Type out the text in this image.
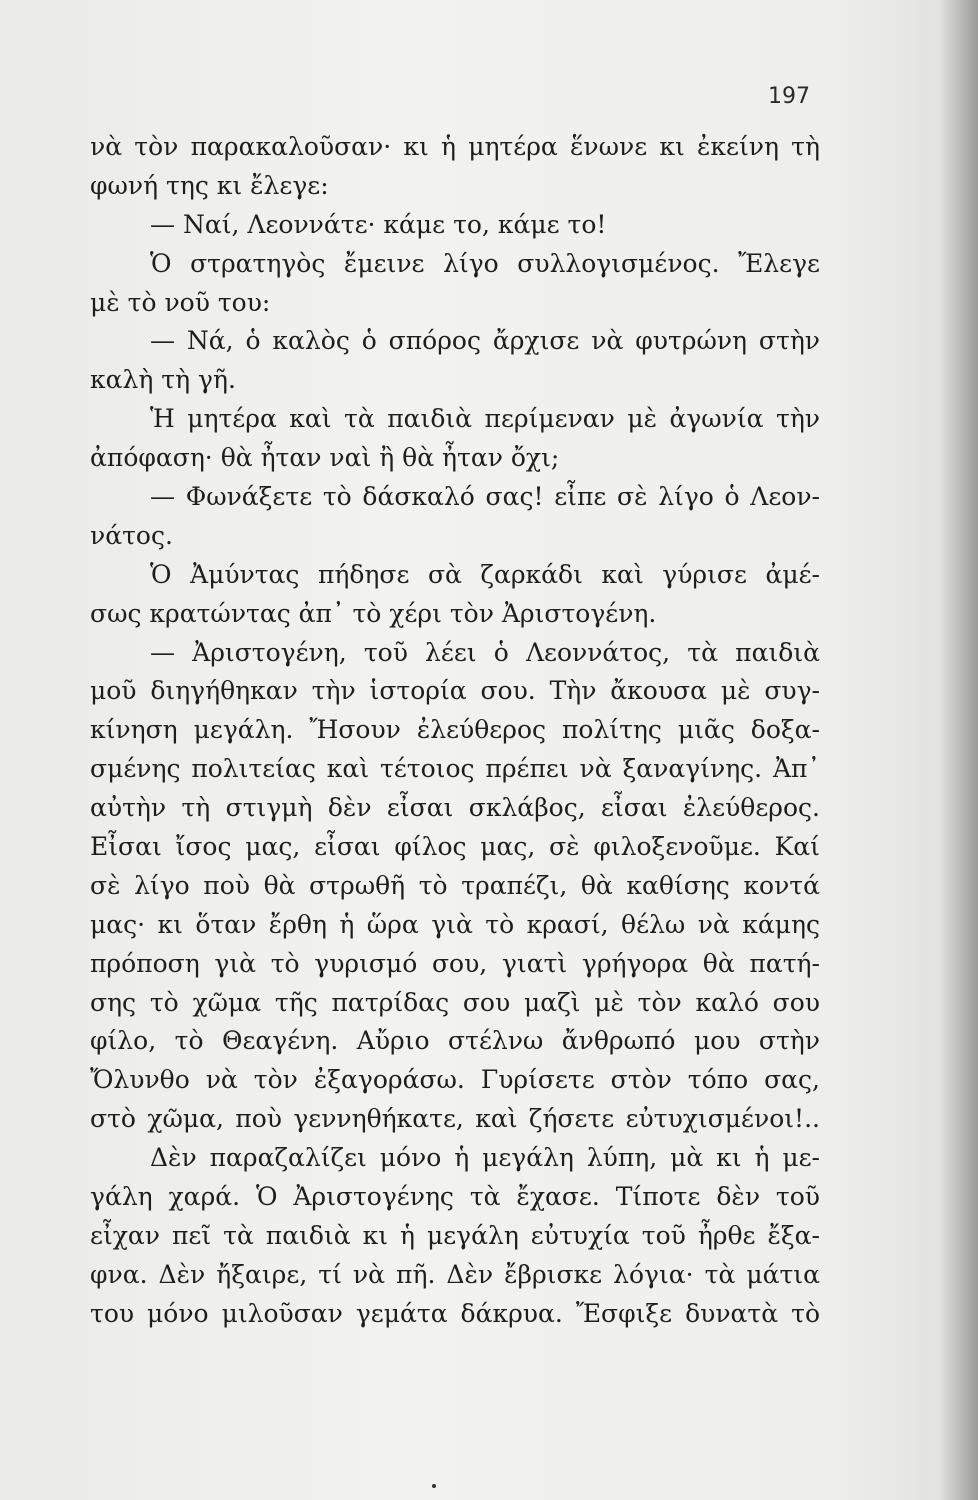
197
νὰ τὸν παρακαλοῦσαν· κι ἡ μητέρα ἕνωνε κι ἐκείνη τὴ
φωνή της κι ἔλεγε:
— Ναί, Λεοννάτε· κάμε το, κάμε το!
Ὁ στρατηγὸς ἔμεινε λίγο συλλογισμένος. Ἔλεγε
μὲ τὸ νοῦ του:
— Νά, ὁ καλὸς ὁ σπόρος ἄρχισε νὰ φυτρώνη στὴν
καλὴ τὴ γῆ.
Ἡ μητέρα καὶ τὰ παιδιὰ περίμεναν μὲ ἀγωνία τὴν
ἀπόφαση· θὰ ἦταν ναὶ ἢ θὰ ἦταν ὄχι;
— Φωνάξετε τὸ δάσκαλό σας! εἶπε σὲ λίγο ὁ Λεον-
νάτος.
Ὁ Ἀμύντας πήδησε σὰ ζαρκάδι καὶ γύρισε ἀμέ-
σως κρατώντας ἀπ᾽ τὸ χέρι τὸν Ἀριστογένη.
— Ἀριστογένη, τοῦ λέει ὁ Λεοννάτος, τὰ παιδιὰ
μοῦ διηγήθηκαν τὴν ἱστορία σου. Τὴν ἄκουσα μὲ συγ-
κίνηση μεγάλη. Ἤσουν ἐλεύθερος πολίτης μιᾶς δοξα-
σμένης πολιτείας καὶ τέτοιος πρέπει νὰ ξαναγίνης. Ἀπ᾽
αὐτὴν τὴ στιγμὴ δὲν εἶσαι σκλάβος, εἶσαι ἐλεύθερος.
Εἶσαι ἴσος μας, εἶσαι φίλος μας, σὲ φιλοξενοῦμε. Καί
σὲ λίγο ποὺ θὰ στρωθῆ τὸ τραπέζι, θὰ καθίσης κοντά
μας· κι ὅταν ἔρθη ἡ ὥρα γιὰ τὸ κρασί, θέλω νὰ κάμης
πρόποση γιὰ τὸ γυρισμό σου, γιατὶ γρήγορα θὰ πατή-
σης τὸ χῶμα τῆς πατρίδας σου μαζὶ μὲ τὸν καλό σου
φίλο, τὸ Θεαγένη. Αὔριο στέλνω ἄνθρωπό μου στὴν
Ὄλυνθο νὰ τὸν ἐξαγοράσω. Γυρίσετε στὸν τόπο σας,
στὸ χῶμα, ποὺ γεννηθήκατε, καὶ ζήσετε εὐτυχισμένοι!..
Δὲν παραζαλίζει μόνο ἡ μεγάλη λύπη, μὰ κι ἡ με-
γάλη χαρά. Ὁ Ἀριστογένης τὰ ἔχασε. Τίποτε δὲν τοῦ
εἶχαν πεῖ τὰ παιδιὰ κι ἡ μεγάλη εὐτυχία τοῦ ἦρθε ἔξα-
φνα. Δὲν ἤξαιρε, τί νὰ πῆ. Δὲν ἔβρισκε λόγια· τὰ μάτια
του μόνο μιλοῦσαν γεμάτα δάκρυα. Ἔσφιξε δυνατὰ τὸ
